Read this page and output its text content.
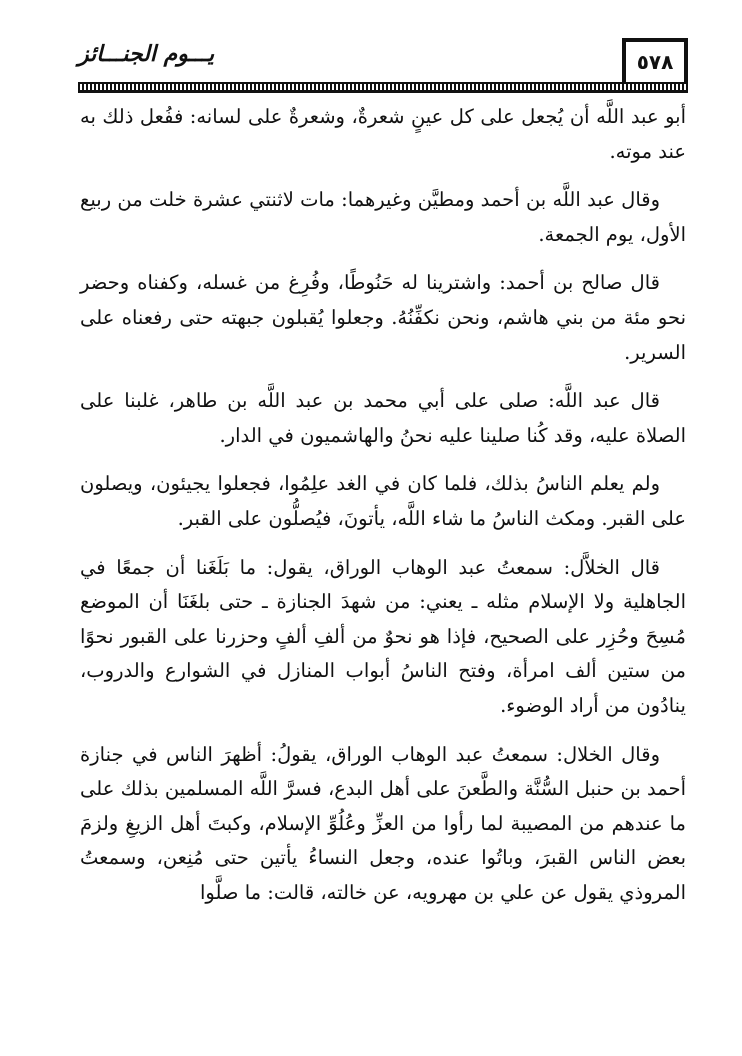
٥٧٨
يـــوم الجنـــائز

أبو عبد اللَّه أن يُجعل على كل عينٍ شعرةٌ، وشعرةٌ على لسانه: ففُعل ذلك به عند موته.

وقال عبد اللَّه بن أحمد ومطيَّن وغيرهما: مات لاثنتي عشرة خلت من ربيع الأول، يوم الجمعة.

قال صالح بن أحمد: واشترينا له حَنُوطًا، وفُرِغ من غسله، وكفناه وحضر نحو مئة من بني هاشم، ونحن نكفِّنُهُ. وجعلوا يُقبلون جبهته حتى رفعناه على السرير.

قال عبد اللَّه: صلى على أبي محمد بن عبد اللَّه بن طاهر، غلبنا على الصلاة عليه، وقد كُنا صلينا عليه نحنُ والهاشميون في الدار.

ولم يعلم الناسُ بذلك، فلما كان في الغد علِمُوا، فجعلوا يجيئون، ويصلون على القبر. ومكث الناسُ ما شاء اللَّه، يأتونَ، فيُصلُّون على القبر.

قال الخلاَّل: سمعتُ عبد الوهاب الوراق، يقول: ما بَلَغَنا أن جمعًا في الجاهلية ولا الإسلام مثله ـ يعني: من شهدَ الجنازة ـ حتى بلغَنَا أن الموضع مُسِحَ وحُزِر على الصحيح، فإذا هو نحوٌ من ألفِ ألفٍ وحزرنا على القبور نحوًا من ستين ألف امرأة، وفتح الناسُ أبواب المنازل في الشوارع والدروب، ينادُون من أراد الوضوء.

وقال الخلال: سمعتُ عبد الوهاب الوراق، يقولُ: أظهرَ الناس في جنازة أحمد بن حنبل السُّنَّة والطَّعنَ على أهل البدع، فسرَّ اللَّه المسلمين بذلك على ما عندهم من المصيبة لما رأوا من العزِّ وعُلُوِّ الإسلام، وكبتَ أهل الزيغِ ولزمَ بعض الناس القبرَ، وباتُوا عنده، وجعل النساءُ يأتين حتى مُنِعن، وسمعتُ المروذي يقول عن علي بن مهرويه، عن خالته، قالت: ما صلَّوا
